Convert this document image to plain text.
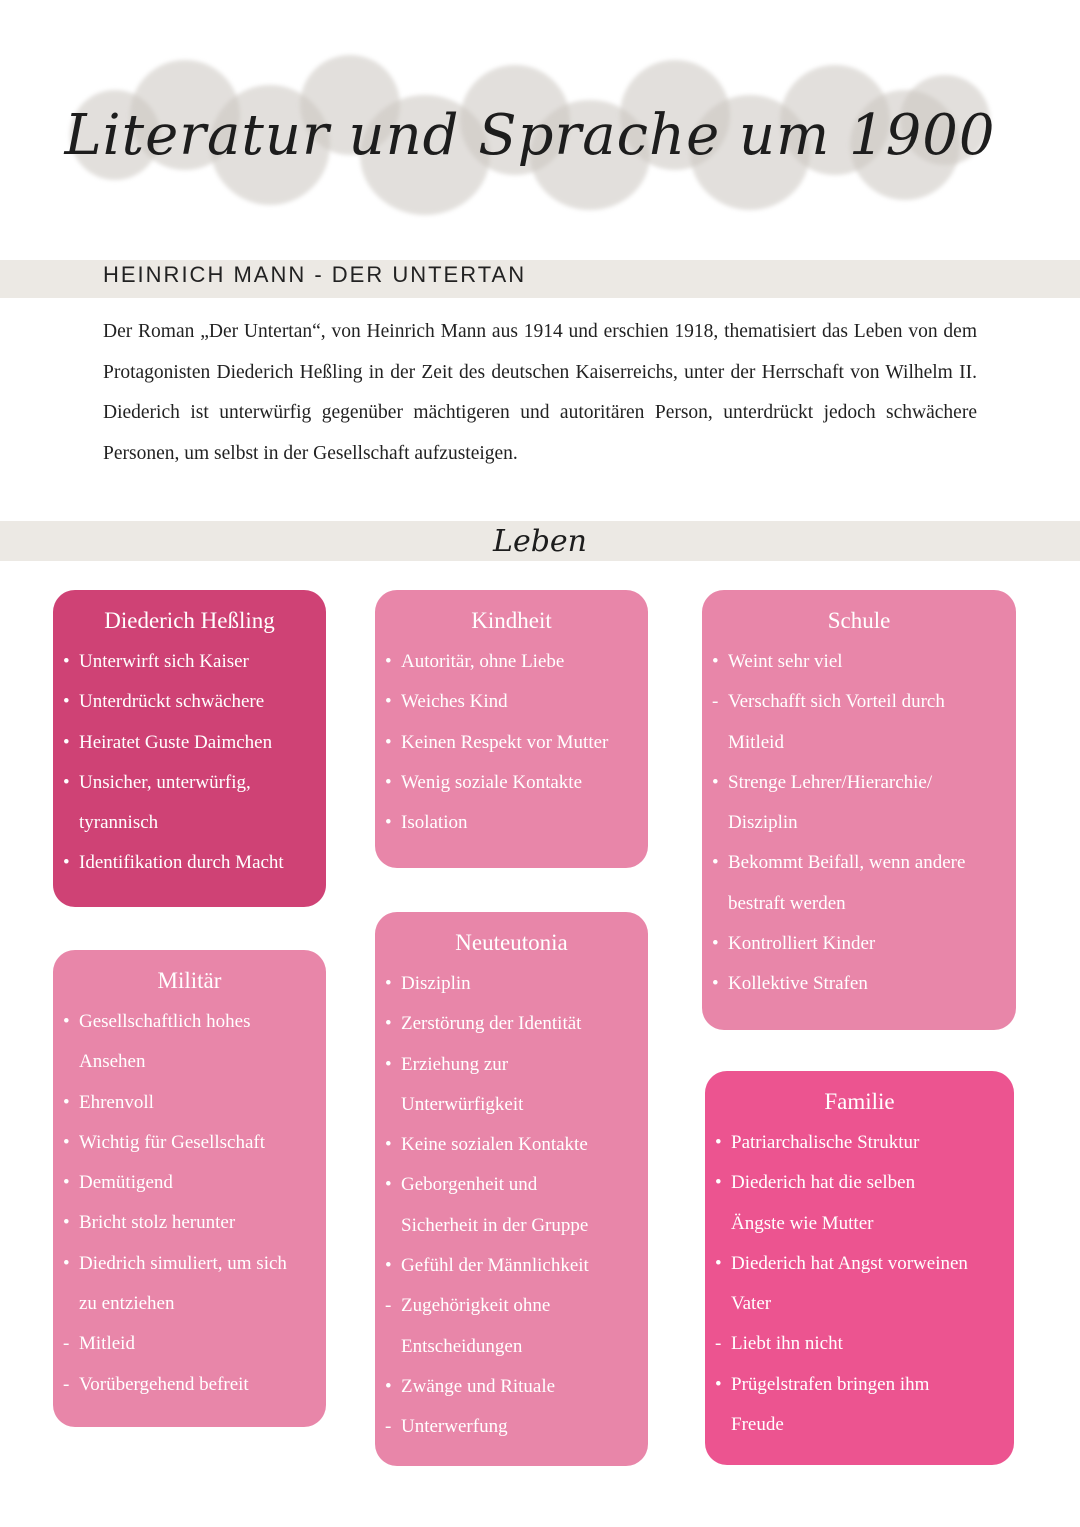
Literatur und Sprache um 1900
HEINRICH MANN - DER UNTERTAN
Der Roman „Der Untertan“, von Heinrich Mann aus 1914 und erschien 1918, thematisiert das Leben von dem Protagonisten Diederich Heßling in der Zeit des deutschen Kaiserreichs, unter der Herrschaft von Wilhelm II. Diederich ist unterwürfig gegenüber mächtigeren und autoritären Person, unterdrückt jedoch schwächere Personen, um selbst in der Gesellschaft aufzusteigen.
Leben
Diederich Heßling
• Unterwirft sich Kaiser
• Unterdrückt schwächere
• Heiratet Guste Daimchen
• Unsicher, unterwürfig,
tyrannisch
• Identifikation durch Macht
Kindheit
• Autoritär, ohne Liebe
• Weiches Kind
• Keinen Respekt vor Mutter
• Wenig soziale Kontakte
• Isolation
Schule
• Weint sehr viel
- Verschafft sich Vorteil durch
Mitleid
• Strenge Lehrer/Hierarchie/
Disziplin
• Bekommt Beifall, wenn andere
bestraft werden
• Kontrolliert Kinder
• Kollektive Strafen
Militär
• Gesellschaftlich hohes
Ansehen
• Ehrenvoll
• Wichtig für Gesellschaft
• Demütigend
• Bricht stolz herunter
• Diedrich simuliert, um sich
zu entziehen
- Mitleid
- Vorübergehend befreit
Neuteutonia
• Disziplin
• Zerstörung der Identität
• Erziehung zur
Unterwürfigkeit
• Keine sozialen Kontakte
• Geborgenheit und
Sicherheit in der Gruppe
• Gefühl der Männlichkeit
- Zugehörigkeit ohne
Entscheidungen
• Zwänge und Rituale
- Unterwerfung
Familie
• Patriarchalische Struktur
• Diederich hat die selben
Ängste wie Mutter
• Diederich hat Angst vorweinen
Vater
- Liebt ihn nicht
• Prügelstrafen bringen ihm
Freude
